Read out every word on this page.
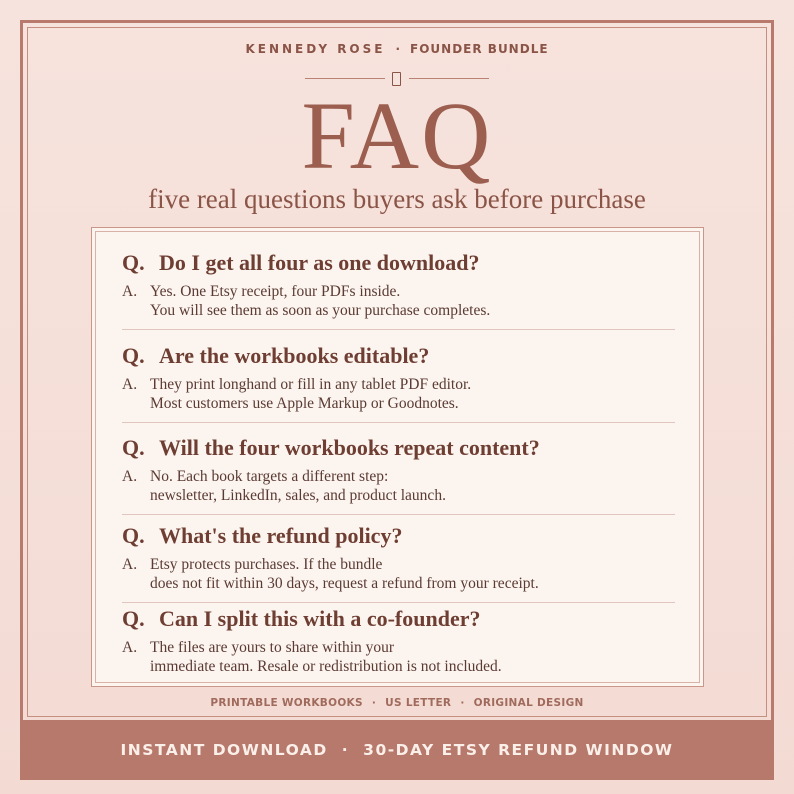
KENNEDY ROSE · FOUNDER BUNDLE
FAQ
five real questions buyers ask before purchase
Q. Do I get all four as one download?
A. Yes. One Etsy receipt, four PDFs inside.
You will see them as soon as your purchase completes.
Q. Are the workbooks editable?
A. They print longhand or fill in any tablet PDF editor.
Most customers use Apple Markup or Goodnotes.
Q. Will the four workbooks repeat content?
A. No. Each book targets a different step:
newsletter, LinkedIn, sales, and product launch.
Q. What's the refund policy?
A. Etsy protects purchases. If the bundle
does not fit within 30 days, request a refund from your receipt.
Q. Can I split this with a co-founder?
A. The files are yours to share within your
immediate team. Resale or redistribution is not included.
PRINTABLE WORKBOOKS · US LETTER · ORIGINAL DESIGN
INSTANT DOWNLOAD · 30-DAY ETSY REFUND WINDOW
